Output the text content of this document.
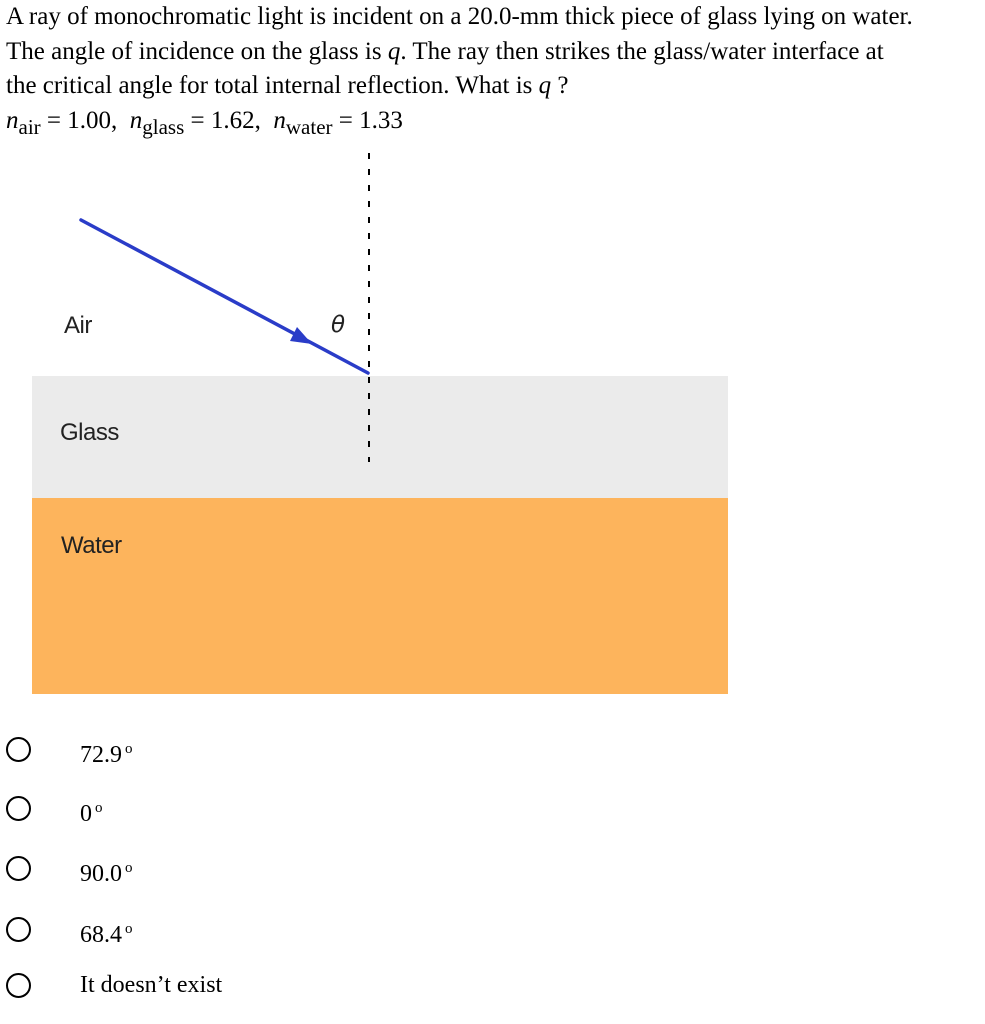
A ray of monochromatic light is incident on a 20.0-mm thick piece of glass lying on water.
The angle of incidence on the glass is q. The ray then strikes the glass/water interface at
the critical angle for total internal reflection. What is q ?
$n_{air} = 1.00$, $n_{glass} = 1.62$, $n_{water} = 1.33$
Air
Glass
Water
θ
72.9 $^o$
0 $^o$
90.0 $^o$
68.4 $^o$
It doesn’t exist
